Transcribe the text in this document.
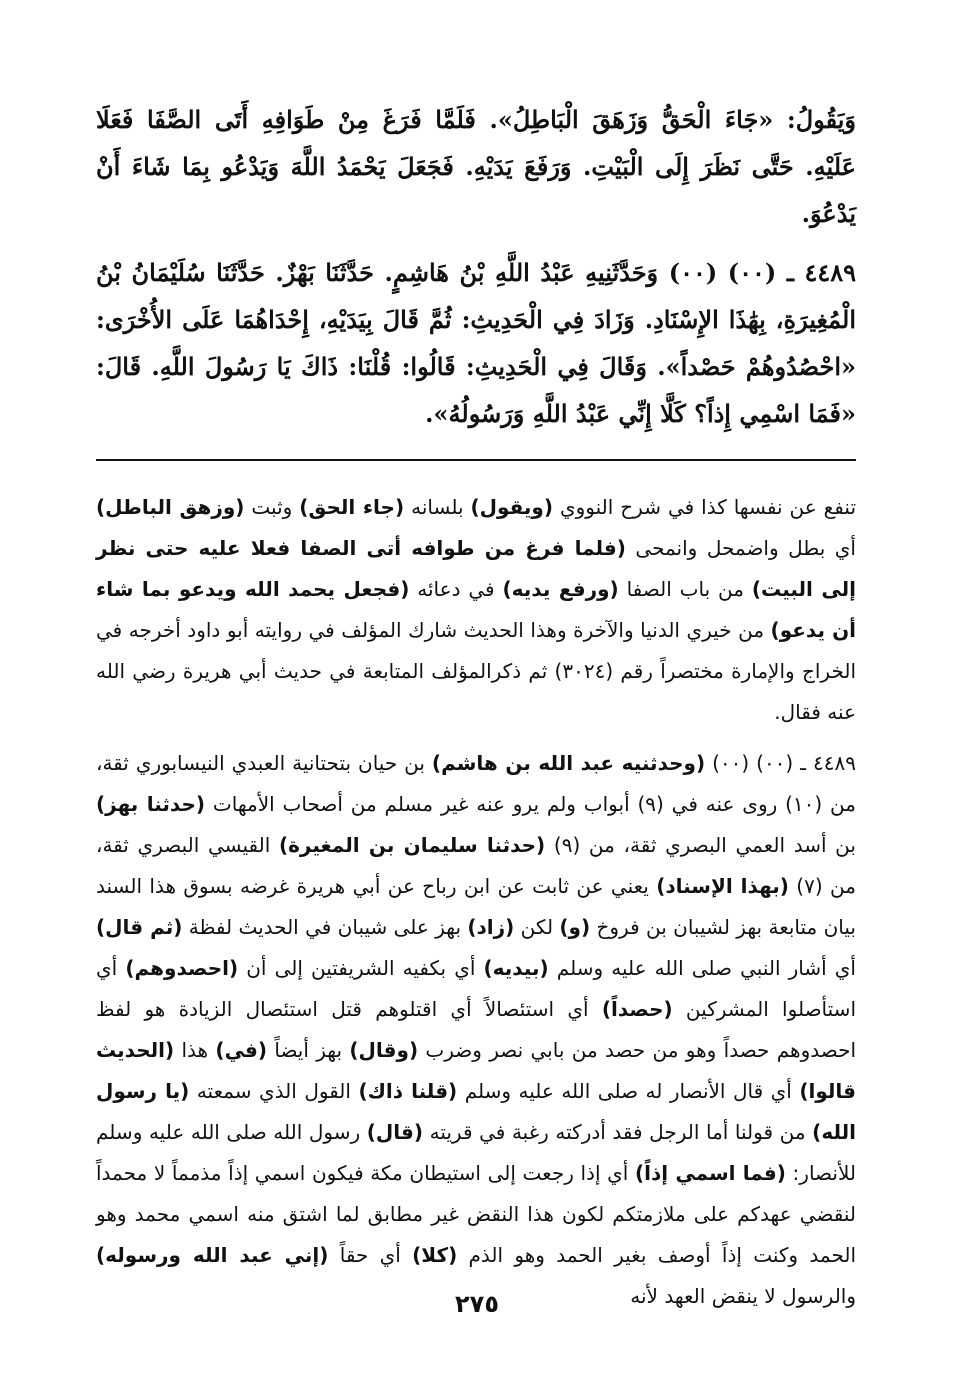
وَيَقُولُ: «جَاءَ الْحَقُّ وَزَهَقَ الْبَاطِلُ». فَلَمَّا فَرَغَ مِنْ طَوَافِهِ أَتَى الصَّفَا فَعَلَا عَلَيْهِ. حَتَّى نَظَرَ إِلَى الْبَيْتِ. وَرَفَعَ يَدَيْهِ. فَجَعَلَ يَحْمَدُ اللَّهَ وَيَدْعُو بِمَا شَاءَ أَنْ يَدْعُوَ.

٤٤٨٩ ـ (٠٠) (٠٠) وَحَدَّثَنِيهِ عَبْدُ اللَّهِ بْنُ هَاشِمٍ. حَدَّثَنَا بَهْزٌ. حَدَّثَنَا سُلَيْمَانُ بْنُ الْمُغِيرَةِ، بِهَٰذَا الإِسْنَادِ. وَزَادَ فِي الْحَدِيثِ: ثُمَّ قَالَ بِيَدَيْهِ، إِحْدَاهُمَا عَلَى الأُخْرَى: «احْصُدُوهُمْ حَصْداً». وَقَالَ فِي الْحَدِيثِ: قَالُوا: قُلْنَا: ذَاكَ يَا رَسُولَ اللَّهِ. قَالَ: «فَمَا اسْمِي إِذاً؟ كَلَّا إِنِّي عَبْدُ اللَّهِ وَرَسُولُهُ».

تنفع عن نفسها كذا في شرح النووي (ويقول) بلسانه (جاء الحق) وثبت (وزهق الباطل) أي بطل واضمحل وانمحى (فلما فرغ من طوافه أتى الصفا فعلا عليه حتى نظر إلى البيت) من باب الصفا (ورفع يديه) في دعائه (فجعل يحمد الله ويدعو بما شاء أن يدعو) من خيري الدنيا والآخرة وهذا الحديث شارك المؤلف في روايته أبو داود أخرجه في الخراج والإمارة مختصراً رقم (٣٠٢٤) ثم ذكرالمؤلف المتابعة في حديث أبي هريرة رضي الله عنه فقال.

٤٤٨٩ ـ (٠٠) (٠٠) (وحدثنيه عبد الله بن هاشم) بن حيان بتحتانية العبدي النيسابوري ثقة، من (١٠) روى عنه في (٩) أبواب ولم يرو عنه غير مسلم من أصحاب الأمهات (حدثنا بهز) بن أسد العمي البصري ثقة، من (٩) (حدثنا سليمان بن المغيرة) القيسي البصري ثقة، من (٧) (بهذا الإسناد) يعني عن ثابت عن ابن رباح عن أبي هريرة غرضه بسوق هذا السند بيان متابعة بهز لشيبان بن فروخ (و) لكن (زاد) بهز على شيبان في الحديث لفظة (ثم قال) أي أشار النبي صلى الله عليه وسلم (بيديه) أي بكفيه الشريفتين إلى أن (احصدوهم) أي استأصلوا المشركين (حصداً) أي استئصالاً أي اقتلوهم قتل استئصال الزيادة هو لفظ احصدوهم حصداً وهو من حصد من بابي نصر وضرب (وقال) بهز أيضاً (في) هذا (الحديث قالوا) أي قال الأنصار له صلى الله عليه وسلم (قلنا ذاك) القول الذي سمعته (يا رسول الله) من قولنا أما الرجل فقد أدركته رغبة في قريته (قال) رسول الله صلى الله عليه وسلم للأنصار: (فما اسمي إذاً) أي إذا رجعت إلى استيطان مكة فيكون اسمي إذاً مذمماً لا محمداً لنقضي عهدكم على ملازمتكم لكون هذا النقض غير مطابق لما اشتق منه اسمي محمد وهو الحمد وكنت إذاً أوصف بغير الحمد وهو الذم (كلا) أي حقاً (إني عبد الله ورسوله) والرسول لا ينقض العهد لأنه

٢٧٥
